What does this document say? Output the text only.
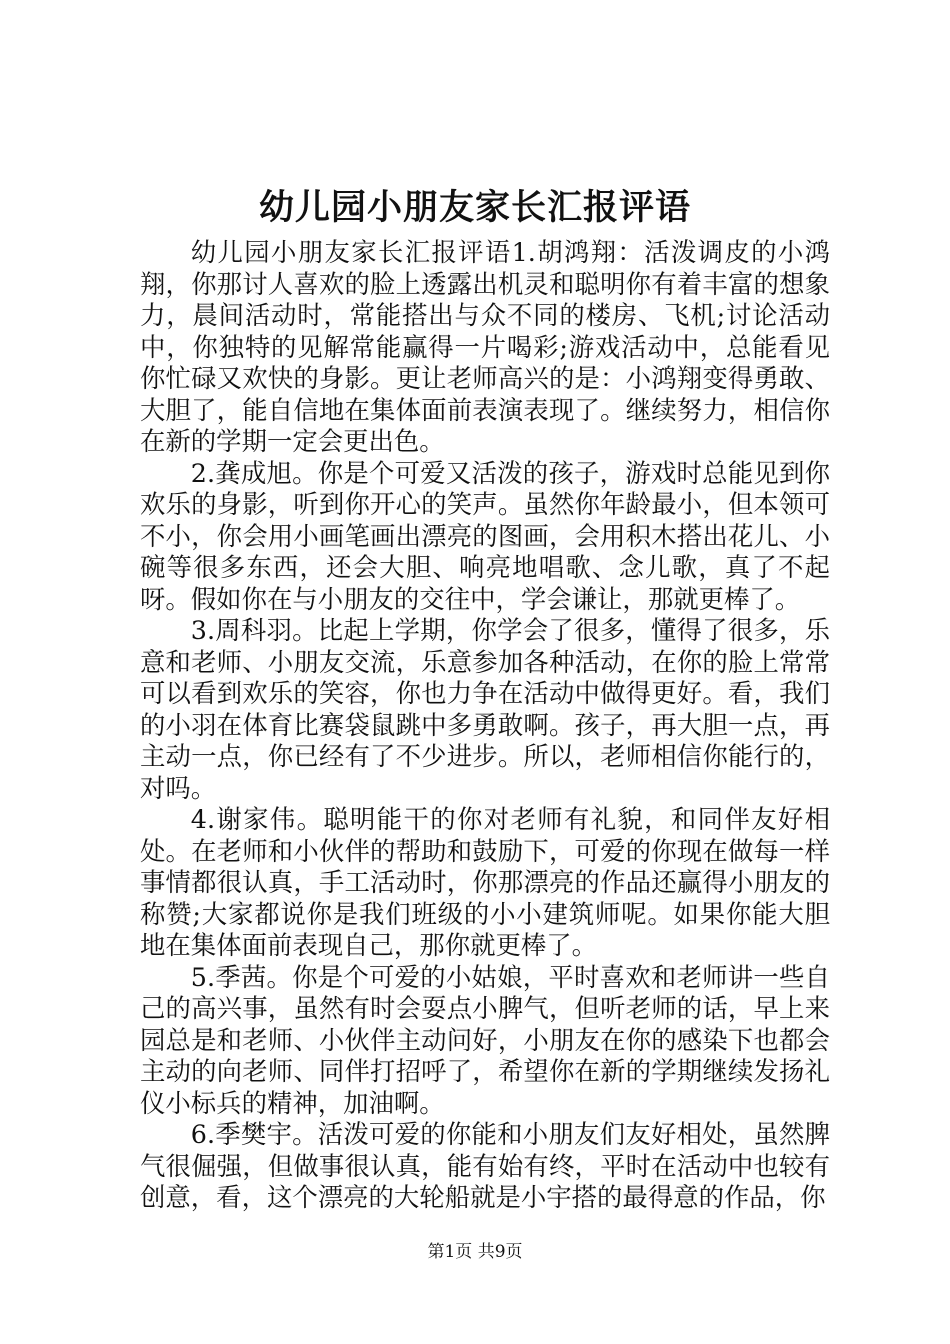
幼儿园小朋友家长汇报评语

幼儿园小朋友家长汇报评语1.胡鸿翔：活泼调皮的小鸿翔，你那讨人喜欢的脸上透露出机灵和聪明你有着丰富的想象力，晨间活动时，常能搭出与众不同的楼房、飞机;讨论活动中，你独特的见解常能赢得一片喝彩;游戏活动中，总能看见你忙碌又欢快的身影。更让老师高兴的是：小鸿翔变得勇敢、大胆了，能自信地在集体面前表演表现了。继续努力，相信你在新的学期一定会更出色。

2.龚成旭。你是个可爱又活泼的孩子，游戏时总能见到你欢乐的身影，听到你开心的笑声。虽然你年龄最小，但本领可不小，你会用小画笔画出漂亮的图画，会用积木搭出花儿、小碗等很多东西，还会大胆、响亮地唱歌、念儿歌，真了不起呀。假如你在与小朋友的交往中，学会谦让，那就更棒了。

3.周科羽。比起上学期，你学会了很多，懂得了很多，乐意和老师、小朋友交流，乐意参加各种活动，在你的脸上常常可以看到欢乐的笑容，你也力争在活动中做得更好。看，我们的小羽在体育比赛袋鼠跳中多勇敢啊。孩子，再大胆一点，再主动一点，你已经有了不少进步。所以，老师相信你能行的，对吗。

4.谢家伟。聪明能干的你对老师有礼貌，和同伴友好相处。在老师和小伙伴的帮助和鼓励下，可爱的你现在做每一样事情都很认真，手工活动时，你那漂亮的作品还赢得小朋友的称赞;大家都说你是我们班级的小小建筑师呢。如果你能大胆地在集体面前表现自己，那你就更棒了。

5.季茜。你是个可爱的小姑娘，平时喜欢和老师讲一些自己的高兴事，虽然有时会耍点小脾气，但听老师的话，早上来园总是和老师、小伙伴主动问好，小朋友在你的感染下也都会主动的向老师、同伴打招呼了，希望你在新的学期继续发扬礼仪小标兵的精神，加油啊。

6.季樊宇。活泼可爱的你能和小朋友们友好相处，虽然脾气很倔强，但做事很认真，能有始有终，平时在活动中也较有创意，看，这个漂亮的大轮船就是小宇搭的最得意的作品，你

第1页 共9页
